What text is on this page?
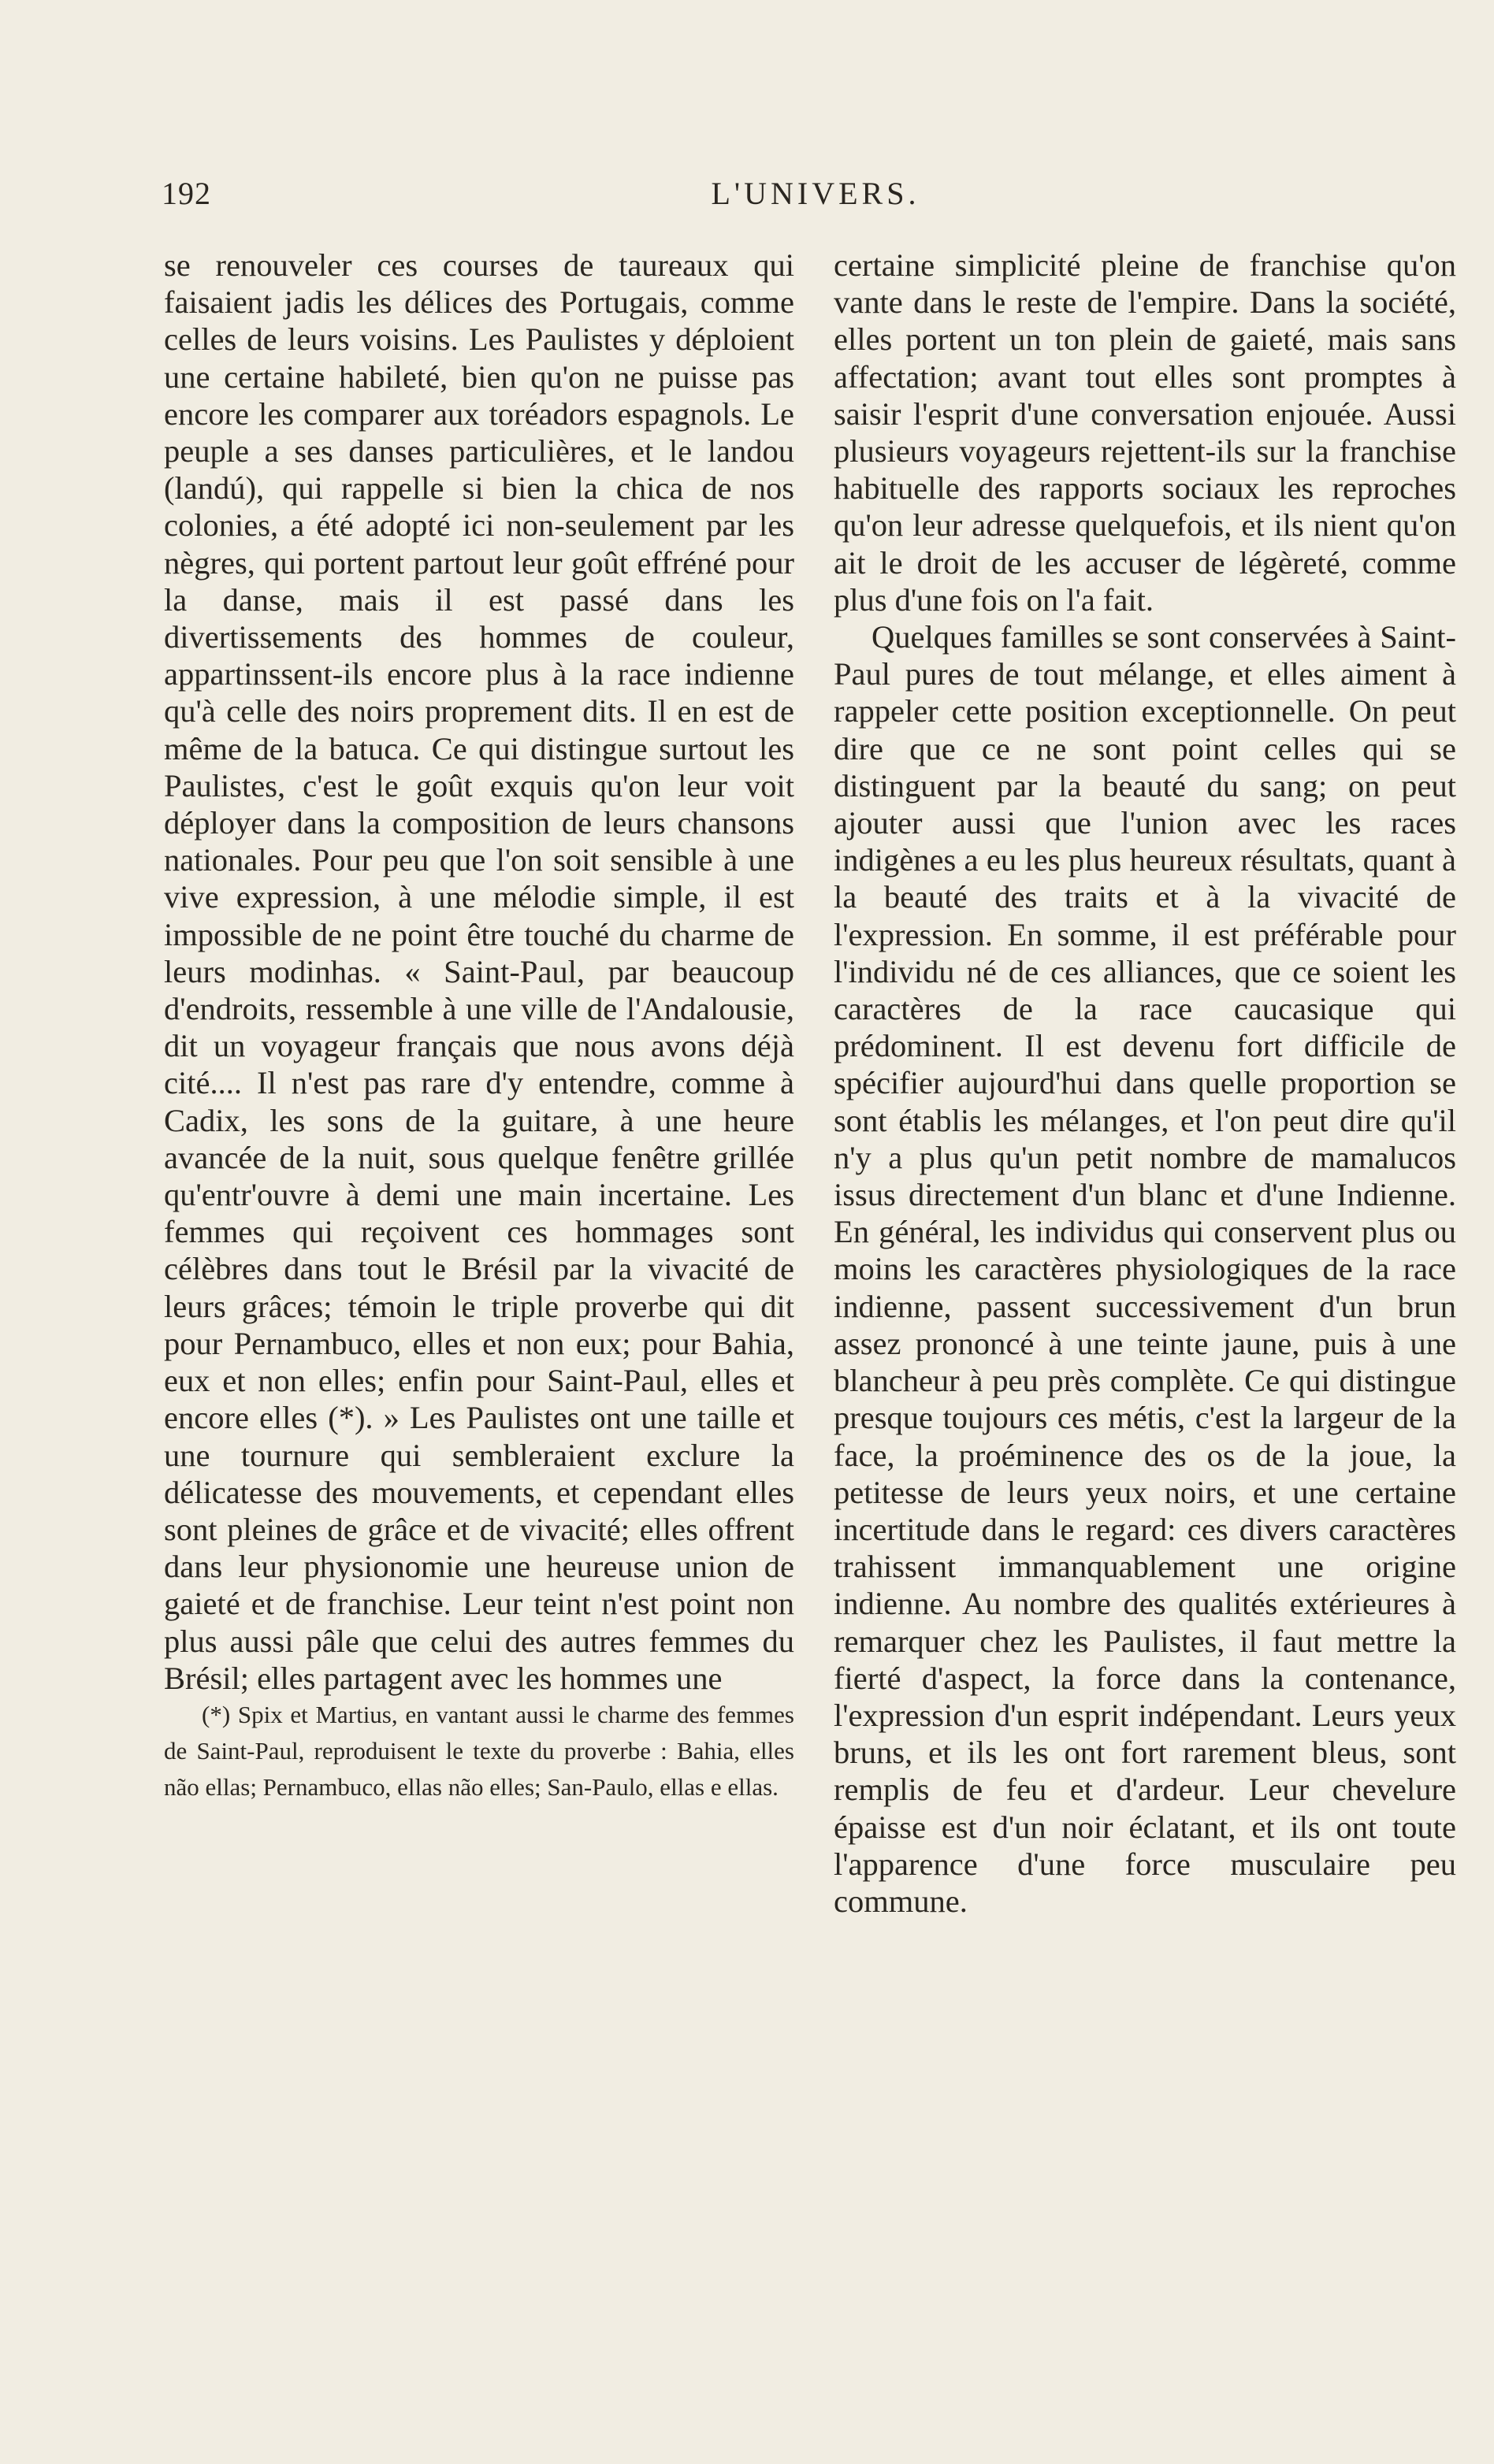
192	L'UNIVERS.

se renouveler ces courses de taureaux qui faisaient jadis les délices des Portugais, comme celles de leurs voisins. Les Paulistes y déploient une certaine habileté, bien qu'on ne puisse pas encore les comparer aux toréadors espagnols. Le peuple a ses danses particulières, et le landou (landú), qui rappelle si bien la chica de nos colonies, a été adopté ici non-seulement par les nègres, qui portent partout leur goût effréné pour la danse, mais il est passé dans les divertissements des hommes de couleur, appartinssent-ils encore plus à la race indienne qu'à celle des noirs proprement dits. Il en est de même de la batuca. Ce qui distingue surtout les Paulistes, c'est le goût exquis qu'on leur voit déployer dans la composition de leurs chansons nationales. Pour peu que l'on soit sensible à une vive expression, à une mélodie simple, il est impossible de ne point être touché du charme de leurs modinhas. « Saint-Paul, par beaucoup d'endroits, ressemble à une ville de l'Andalousie, dit un voyageur français que nous avons déjà cité.... Il n'est pas rare d'y entendre, comme à Cadix, les sons de la guitare, à une heure avancée de la nuit, sous quelque fenêtre grillée qu'entr'ouvre à demi une main incertaine. Les femmes qui reçoivent ces hommages sont célèbres dans tout le Brésil par la vivacité de leurs grâces; témoin le triple proverbe qui dit pour Pernambuco, elles et non eux; pour Bahia, eux et non elles; enfin pour Saint-Paul, elles et encore elles (*). » Les Paulistes ont une taille et une tournure qui sembleraient exclure la délicatesse des mouvements, et cependant elles sont pleines de grâce et de vivacité; elles offrent dans leur physionomie une heureuse union de gaieté et de franchise. Leur teint n'est point non plus aussi pâle que celui des autres femmes du Brésil; elles partagent avec les hommes une

(*) Spix et Martius, en vantant aussi le charme des femmes de Saint-Paul, reproduisent le texte du proverbe : Bahia, elles não ellas; Pernambuco, ellas não elles; San-Paulo, ellas e ellas.

certaine simplicité pleine de franchise qu'on vante dans le reste de l'empire. Dans la société, elles portent un ton plein de gaieté, mais sans affectation; avant tout elles sont promptes à saisir l'esprit d'une conversation enjouée. Aussi plusieurs voyageurs rejettent-ils sur la franchise habituelle des rapports sociaux les reproches qu'on leur adresse quelquefois, et ils nient qu'on ait le droit de les accuser de légèreté, comme plus d'une fois on l'a fait.

Quelques familles se sont conservées à Saint-Paul pures de tout mélange, et elles aiment à rappeler cette position exceptionnelle. On peut dire que ce ne sont point celles qui se distinguent par la beauté du sang; on peut ajouter aussi que l'union avec les races indigènes a eu les plus heureux résultats, quant à la beauté des traits et à la vivacité de l'expression. En somme, il est préférable pour l'individu né de ces alliances, que ce soient les caractères de la race caucasique qui prédominent. Il est devenu fort difficile de spécifier aujourd'hui dans quelle proportion se sont établis les mélanges, et l'on peut dire qu'il n'y a plus qu'un petit nombre de mamalucos issus directement d'un blanc et d'une Indienne. En général, les individus qui conservent plus ou moins les caractères physiologiques de la race indienne, passent successivement d'un brun assez prononcé à une teinte jaune, puis à une blancheur à peu près complète. Ce qui distingue presque toujours ces métis, c'est la largeur de la face, la proéminence des os de la joue, la petitesse de leurs yeux noirs, et une certaine incertitude dans le regard: ces divers caractères trahissent immanquablement une origine indienne. Au nombre des qualités extérieures à remarquer chez les Paulistes, il faut mettre la fierté d'aspect, la force dans la contenance, l'expression d'un esprit indépendant. Leurs yeux bruns, et ils les ont fort rarement bleus, sont remplis de feu et d'ardeur. Leur chevelure épaisse est d'un noir éclatant, et ils ont toute l'apparence d'une force musculaire peu commune.
